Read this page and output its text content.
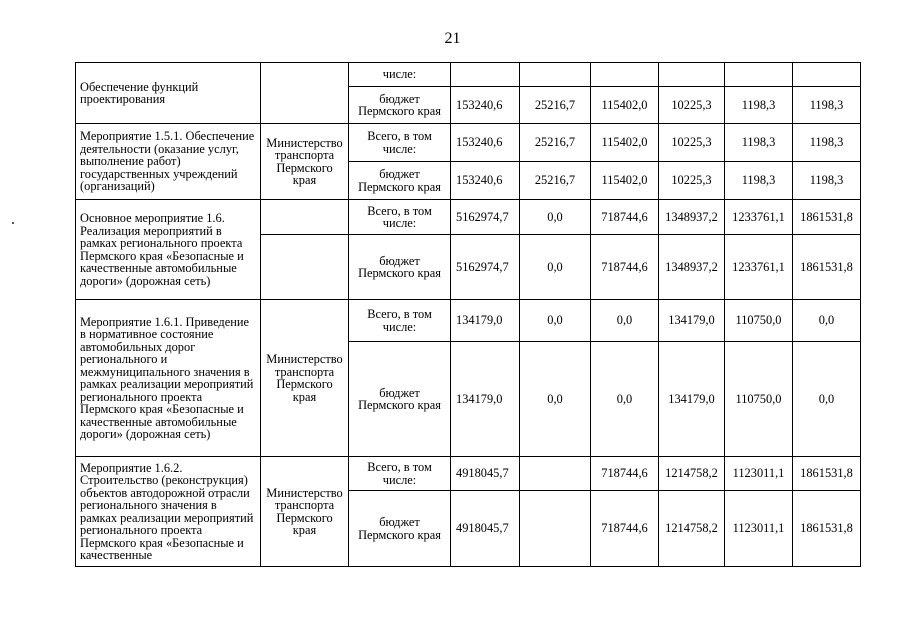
21
Обеспечение функций проектирования		числе:						
		бюджет Пермского края	153240,6	25216,7	115402,0	10225,3	1198,3	1198,3
Мероприятие 1.5.1. Обеспечение деятельности (оказание услуг, выполнение работ) государственных учреждений (организаций)	Министерство транспорта Пермского края	Всего, в том числе:	153240,6	25216,7	115402,0	10225,3	1198,3	1198,3
		бюджет Пермского края	153240,6	25216,7	115402,0	10225,3	1198,3	1198,3
Основное мероприятие 1.6. Реализация мероприятий в рамках регионального проекта Пермского края «Безопасные и качественные автомобильные дороги» (дорожная сеть)		Всего, в том числе:	5162974,7	0,0	718744,6	1348937,2	1233761,1	1861531,8
		бюджет Пермского края	5162974,7	0,0	718744,6	1348937,2	1233761,1	1861531,8
Мероприятие 1.6.1. Приведение в нормативное состояние автомобильных дорог регионального и межмуниципального значения в рамках реализации мероприятий регионального проекта Пермского края «Безопасные и качественные автомобильные дороги» (дорожная сеть)	Министерство транспорта Пермского края	Всего, в том числе:	134179,0	0,0	0,0	134179,0	110750,0	0,0
		бюджет Пермского края	134179,0	0,0	0,0	134179,0	110750,0	0,0
Мероприятие 1.6.2. Строительство (реконструкция) объектов автодорожной отрасли регионального значения в рамках реализации мероприятий регионального проекта Пермского края «Безопасные и качественные	Министерство транспорта Пермского края	Всего, в том числе:	4918045,7		718744,6	1214758,2	1123011,1	1861531,8
		бюджет Пермского края	4918045,7		718744,6	1214758,2	1123011,1	1861531,8
